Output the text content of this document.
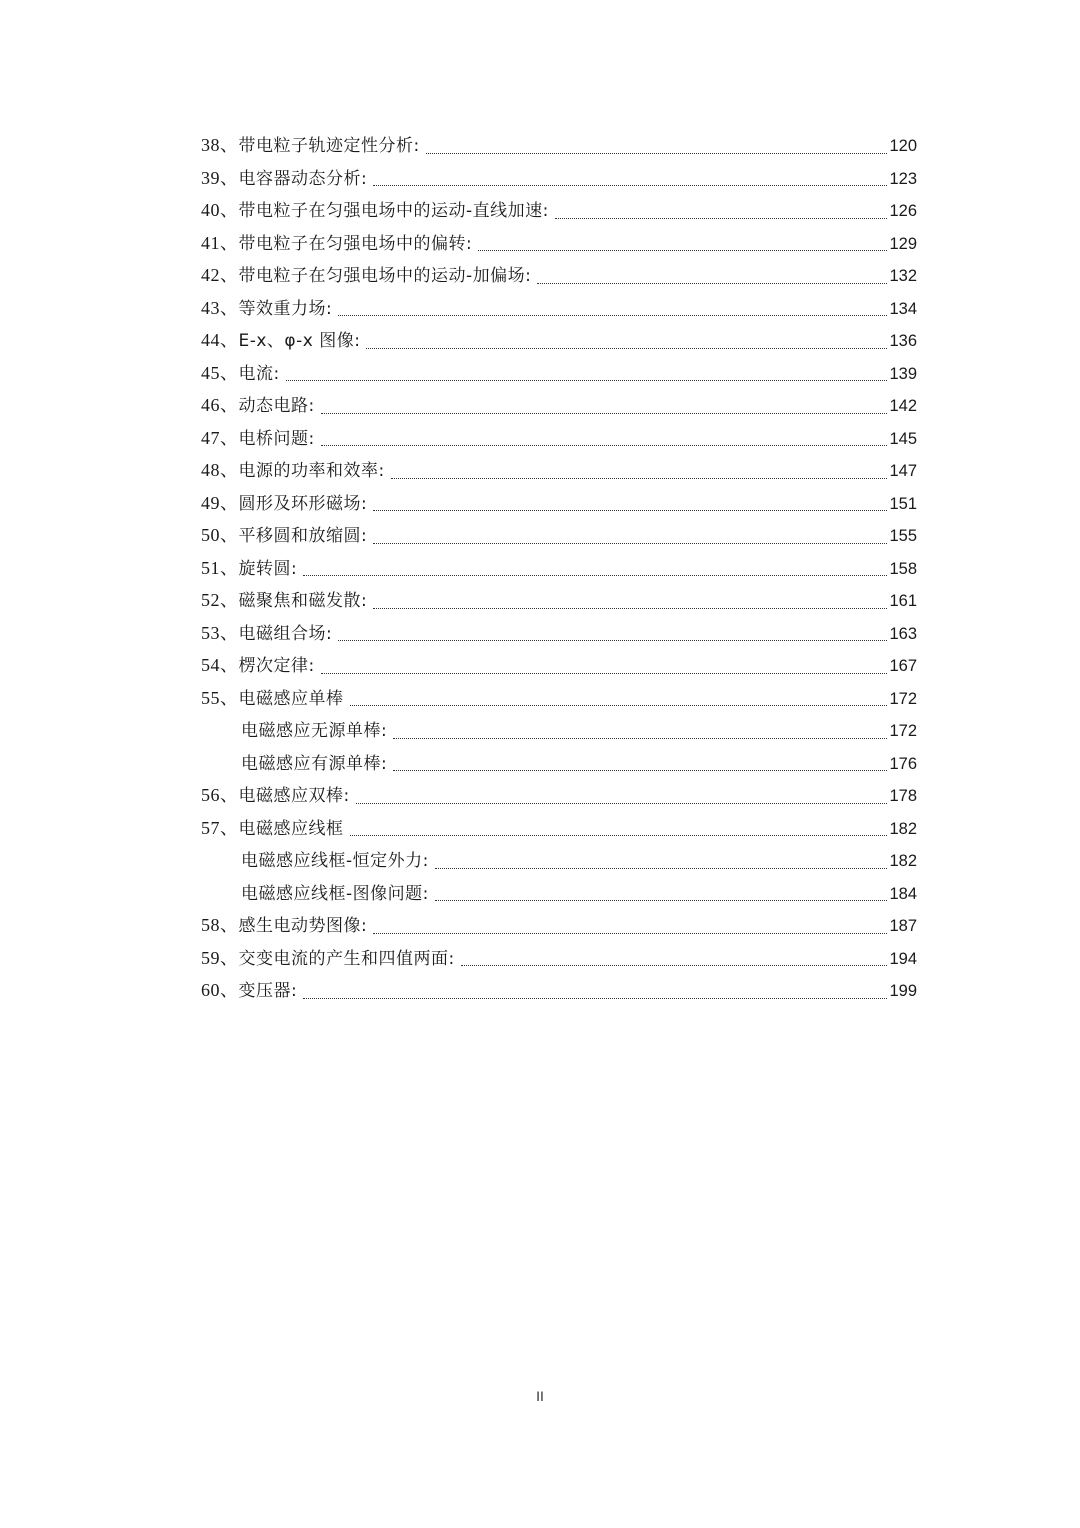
38、带电粒子轨迹定性分析:	120
39、电容器动态分析:	123
40、带电粒子在匀强电场中的运动-直线加速:	126
41、带电粒子在匀强电场中的偏转:	129
42、带电粒子在匀强电场中的运动-加偏场:	132
43、等效重力场:	134
44、E-x、φ-x 图像:	136
45、电流:	139
46、动态电路:	142
47、电桥问题:	145
48、电源的功率和效率:	147
49、圆形及环形磁场:	151
50、平移圆和放缩圆:	155
51、旋转圆:	158
52、磁聚焦和磁发散:	161
53、电磁组合场:	163
54、楞次定律:	167
55、电磁感应单棒	172
电磁感应无源单棒:	172
电磁感应有源单棒:	176
56、电磁感应双棒:	178
57、电磁感应线框	182
电磁感应线框-恒定外力:	182
电磁感应线框-图像问题:	184
58、感生电动势图像:	187
59、交变电流的产生和四值两面:	194
60、变压器:	199
II
